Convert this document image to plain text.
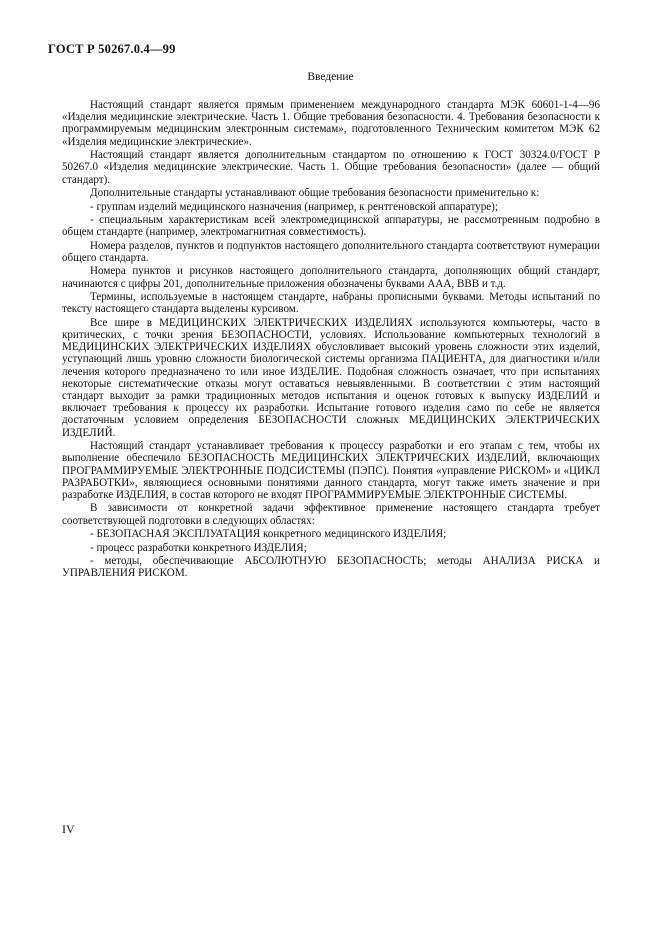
ГОСТ Р 50267.0.4—99
Введение

Настоящий стандарт является прямым применением международного стандарта МЭК 60601-1-4—96 «Изделия медицинские электрические. Часть 1. Общие требования безопасности. 4. Требования безопасности к программируемым медицинским электронным системам», подготовленного Техническим комитетом МЭК 62 «Изделия медицинские электрические».

Настоящий стандарт является дополнительным стандартом по отношению к ГОСТ 30324.0/ГОСТ Р 50267.0 «Изделия медицинские электрические. Часть 1. Общие требования безопасности» (далее — общий стандарт).

Дополнительные стандарты устанавливают общие требования безопасности применительно к:

- группам изделий медицинского назначения (например, к рентгеновской аппаратуре);

- специальным характеристикам всей электромедицинской аппаратуры, не рассмотренным подробно в общем стандарте (например, электромагнитная совместимость).

Номера разделов, пунктов и подпунктов настоящего дополнительного стандарта соответствуют нумерации общего стандарта.

Номера пунктов и рисунков настоящего дополнительного стандарта, дополняющих общий стандарт, начинаются с цифры 201, дополнительные приложения обозначены буквами ААА, ВВВ и т.д.

Термины, используемые в настоящем стандарте, набраны прописными буквами. Методы испытаний по тексту настоящего стандарта выделены курсивом.

Все шире в МЕДИЦИНСКИХ ЭЛЕКТРИЧЕСКИХ ИЗДЕЛИЯХ используются компьютеры, часто в критических, с точки зрения БЕЗОПАСНОСТИ, условиях. Использование компьютерных технологий в МЕДИЦИНСКИХ ЭЛЕКТРИЧЕСКИХ ИЗДЕЛИЯХ обусловливает высокий уровень сложности этих изделий, уступающий лишь уровню сложности биологической системы организма ПАЦИЕНТА, для диагностики и/или лечения которого предназначено то или иное ИЗДЕЛИЕ. Подобная сложность означает, что при испытаниях некоторые систематические отказы могут оставаться невыявленными. В соответствии с этим настоящий стандарт выходит за рамки традиционных методов испытания и оценок готовых к выпуску ИЗДЕЛИЙ и включает требования к процессу их разработки. Испытание готового изделия само по себе не является достаточным условием определения БЕЗОПАСНОСТИ сложных МЕДИЦИНСКИХ ЭЛЕКТРИЧЕСКИХ ИЗДЕЛИЙ.

Настоящий стандарт устанавливает требования к процессу разработки и его этапам с тем, чтобы их выполнение обеспечило БЕЗОПАСНОСТЬ МЕДИЦИНСКИХ ЭЛЕКТРИЧЕСКИХ ИЗДЕЛИЙ, включающих ПРОГРАММИРУЕМЫЕ ЭЛЕКТРОННЫЕ ПОДСИСТЕМЫ (ПЭПС). Понятия «управление РИСКОМ» и «ЦИКЛ РАЗРАБОТКИ», являющиеся основными понятиями данного стандарта, могут также иметь значение и при разработке ИЗДЕЛИЯ, в состав которого не входят ПРОГРАММИРУЕМЫЕ ЭЛЕКТРОННЫЕ СИСТЕМЫ.

В зависимости от конкретной задачи эффективное применение настоящего стандарта требует соответствующей подготовки в следующих областях:

- БЕЗОПАСНАЯ ЭКСПЛУАТАЦИЯ конкретного медицинского ИЗДЕЛИЯ;

- процесс разработки конкретного ИЗДЕЛИЯ;

- методы, обеспечивающие АБСОЛЮТНУЮ БЕЗОПАСНОСТЬ; методы АНАЛИЗА РИСКА и УПРАВЛЕНИЯ РИСКОМ.

IV
